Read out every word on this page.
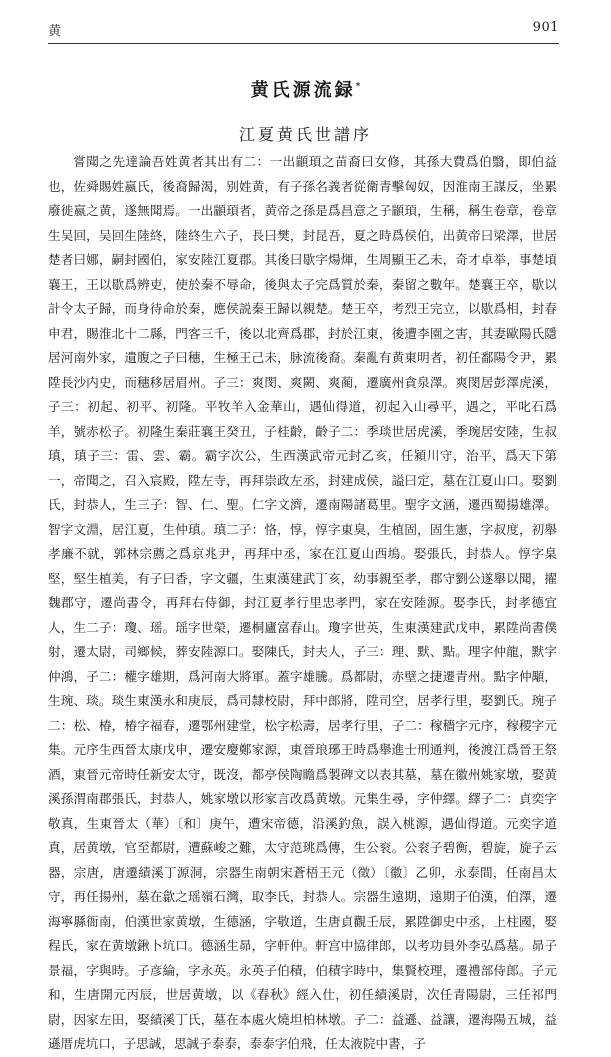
黄	901
黄氏源流録*
江夏黄氏世譜序

嘗聞之先達論吾姓黄者其出有二：一出顓頊之苗裔曰女修，其孫大費爲伯翳，即伯益也，佐舜賜姓嬴氏，後裔歸渴，别姓黄，有子孫名義者從衛青擊匈奴，因淮南王謀反，坐累廢徙嬴之黄，遂無聞焉。一出顓頊者，黄帝之孫是爲昌意之子顓頊，生稱，稱生卷章，卷章生吴回，吴回生陸終，陸終生六子，長曰樊，封昆吾，夏之時爲侯伯，出黄帝曰梁澤，世居楚者曰娜，嗣封國伯，家安陸江夏郡。其後曰歇字煬煇，生周顯王乙未，奇才卓举，事楚頃襄王，王以歇爲辨吏，使於秦不辱命，後與太子完爲質於秦，秦留之數年。楚襄王卒，歇以計令太子歸，而身待命於秦，應侯説秦王歸以親楚。楚王卒，考烈王完立，以歇爲相，封春申君，賜淮北十二縣，門客三千，後以北齊爲郡，封於江東，後遭李園之害，其妻歐陽氏隱居河南外家，遺腹之子曰穗，生極王己未，脉流後裔。秦亂有黄東明者，初任鄱陽令尹，累陞長沙内史，而穗移居眉州。子三：爽閔、爽闕、爽蔺，遷廣州貪泉澤。爽閔居彭澤虎溪，子三：初起、初平、初隆。平牧羊入金華山，遇仙得道，初起入山尋平，遇之，平叱石爲羊，號赤松子。初隆生秦莊襄王癸丑，子桂齡，齡子二：季琰世居虎溪，季琬居安陸，生叔瑱，瑱子三：雷、雲、霸。霸字次公，生西漢武帝元封乙亥，任潁川守，治平，爲天下第一，帝聞之，召入宸殿，陞左寺，再拜崇政左丞，封建成侯，謚曰定，墓在江夏山口。娶劉氏，封恭人，生三子：智、仁、聖。仁字文濟，遷南陽諸葛里。聖字文涵，遷西蜀揚雄澤。智字文淵，居江夏，生仲瑱。瑱二子：恪，惇，惇字東臭，生植固，固生憲，字叔度，初舉孝廉不就，郭林宗薦之爲京兆尹，再拜中丞，家在江夏山西塢。娶張氏，封恭人。惇字臬堅，堅生植美，有子曰香，字文疆，生東漢建武丁亥，幼事親至孝，郡守劉公遂舉以聞，擢魏郡守，遷尚書令，再拜右侍御，封江夏孝行里忠孝門，家在安陸源。娶李氏，封孝德宜人，生二子：瓊、瑶。瑶字世榮，遷桐廬富春山。瓊字世英，生東漢建武戊申，累陞尚書僕射，遷太尉，司鄉候，葬安陸源口。娶陳氏，封夫人，子三：理、默、點。理字仲龍，默字仲鴻，子二：權字雄期，爲河南大將軍。蓋字雄騰。爲都尉，赤壁之捷遷青州。點字仲顒，生琬、琰。琰生東漢永和庚辰，爲司隸校尉，拜中郎將，陞司空，居孝行里，娶劉氏。琬子二：松、椿，椿字福春，遷鄂州建堂，松字松壽，居孝行里，子二：稼穡字元序，稼稷字元集。元序生西晉太康戊申，遷安慶鄭家源，東晉琅琊王時爲舉進士刑通判，後渡江爲晉王祭酒，東晉元帝時任新安太守，既沒，都亭侯陶瞻爲製碑文以表其墓，墓在徽州姚家墩，娶黄溪孫渭南郡張氏，封恭人，姚家墩以形家言改爲黄墩。元集生尋，字仲繹。繹子二：貞奕字敬真，生東晉太（華）〔和〕庚午，遭宋帝德，沿溪釣魚，誤入桃源，遇仙得道。元奕字道真，居黄墩，官至都尉，遭蘇峻之難，太守范珧爲傳，生公衮。公衮子碧衡，碧旋，旋子云器，宗唐，唐遷績溪丁源洞，宗器生南朝宋蒼梧王元（徵）〔徽〕乙卯，永泰間，任南昌太守，再任揚州，墓在歙之瑶嶺石灣，取李氏，封恭人。宗器生遠期，遠期子伯漢，伯澤，遷海寧縣衙南，伯漢世家黄墩，生德涵，字敬道，生唐貞觀壬辰，累陞御史中丞，上柱國，娶程氏，家在黄墩鍬卜坑口。德涵生昴，字軒仲。軒宫中協律郎，以考功員外李弘爲墓。昴子景福，字與時。子彦綸，字永英。永英子伯積，伯積字時中，集賢校理，遷禮部侍郎。子元和，生唐開元丙辰，世居黄墩，以《春秋》經入仕，初任績溪尉，次任青陽尉，三任祁門尉，因家左田，娶績溪丁氏，墓在本處火燒坦柏林墩。子二：益遜、益讓，遷海陽五城，益遜厝虎坑口，子思誠，思誠子泰泰，泰泰字伯飛，任太液院中書，子
